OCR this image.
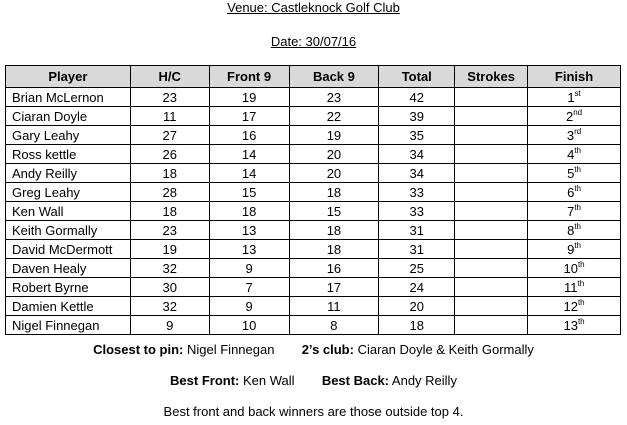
Venue: Castleknock Golf Club
Date: 30/07/16
Player	H/C	Front 9	Back 9	Total	Strokes	Finish
Brian McLernon	23	19	23	42		1st
Ciaran Doyle	11	17	22	39		2nd
Gary Leahy	27	16	19	35		3rd
Ross kettle	26	14	20	34		4th
Andy Reilly	18	14	20	34		5th
Greg Leahy	28	15	18	33		6th
Ken Wall	18	18	15	33		7th
Keith Gormally	23	13	18	31		8th
David McDermott	19	13	18	31		9th
Daven Healy	32	9	16	25		10th
Robert Byrne	30	7	17	24		11th
Damien Kettle	32	9	11	20		12th
Nigel Finnegan	9	10	8	18		13th
Closest to pin: Nigel Finnegan 2’s club: Ciaran Doyle & Keith Gormally
Best Front: Ken Wall Best Back: Andy Reilly
Best front and back winners are those outside top 4.
